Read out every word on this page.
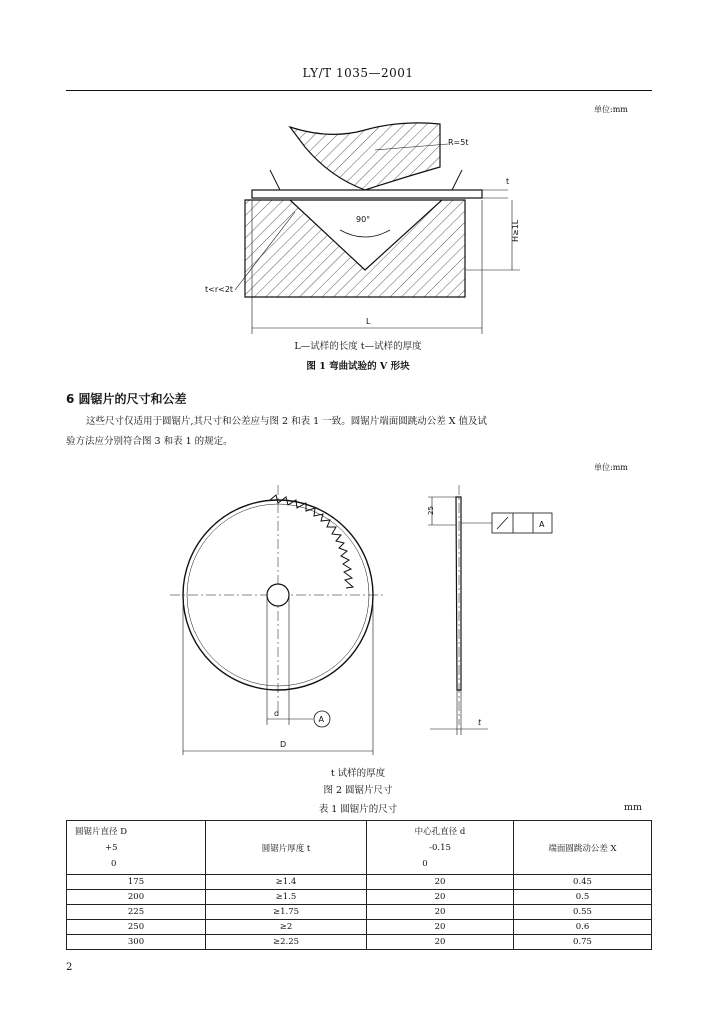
LY/T 1035—2001
单位:mm
90°
R=5t
t
H≥1L
t<r<2t
L
L—试样的长度 t—试样的厚度
图 1 弯曲试验的 V 形块
6 圆锯片的尺寸和公差
这些尺寸仅适用于圆锯片,其尺寸和公差应与图 2 和表 1 一致。圆锯片端面圆跳动公差 X 值及试
验方法应分别符合图 3 和表 1 的规定。
单位:mm
d
A
D
25
A
t
t 试样的厚度
图 2 圆锯片尺寸
表 1 圆锯片的尺寸	mm
圆锯片直径 D
+5
0	圆锯片厚度 t	中心孔直径 d
-0.15
0	端面圆跳动公差 X
175	≥1.4	20	0.45
200	≥1.5	20	0.5
225	≥1.75	20	0.55
250	≥2	20	0.6
300	≥2.25	20	0.75
2
